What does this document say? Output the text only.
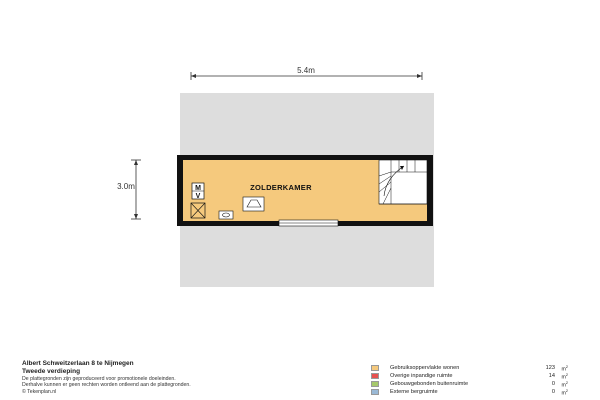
5.4m
3.0m	M
V
ZOLDERKAMER
Albert Schweitzerlaan 8 te Nijmegen
Tweede verdieping
De plattegronden zijn geproduceerd voor promotionele doeleinden.
Derhalve kunnen er geen rechten worden ontleend aan de plattegronden.
© Tekenplan.nl
Gebruiksoppervlakte wonen	123 $m^2$
Overige inpandige ruimte	14 $m^2$
Gebouwgebonden buitenruimte	0 $m^2$
Externe bergruimte	0 $m^2$
